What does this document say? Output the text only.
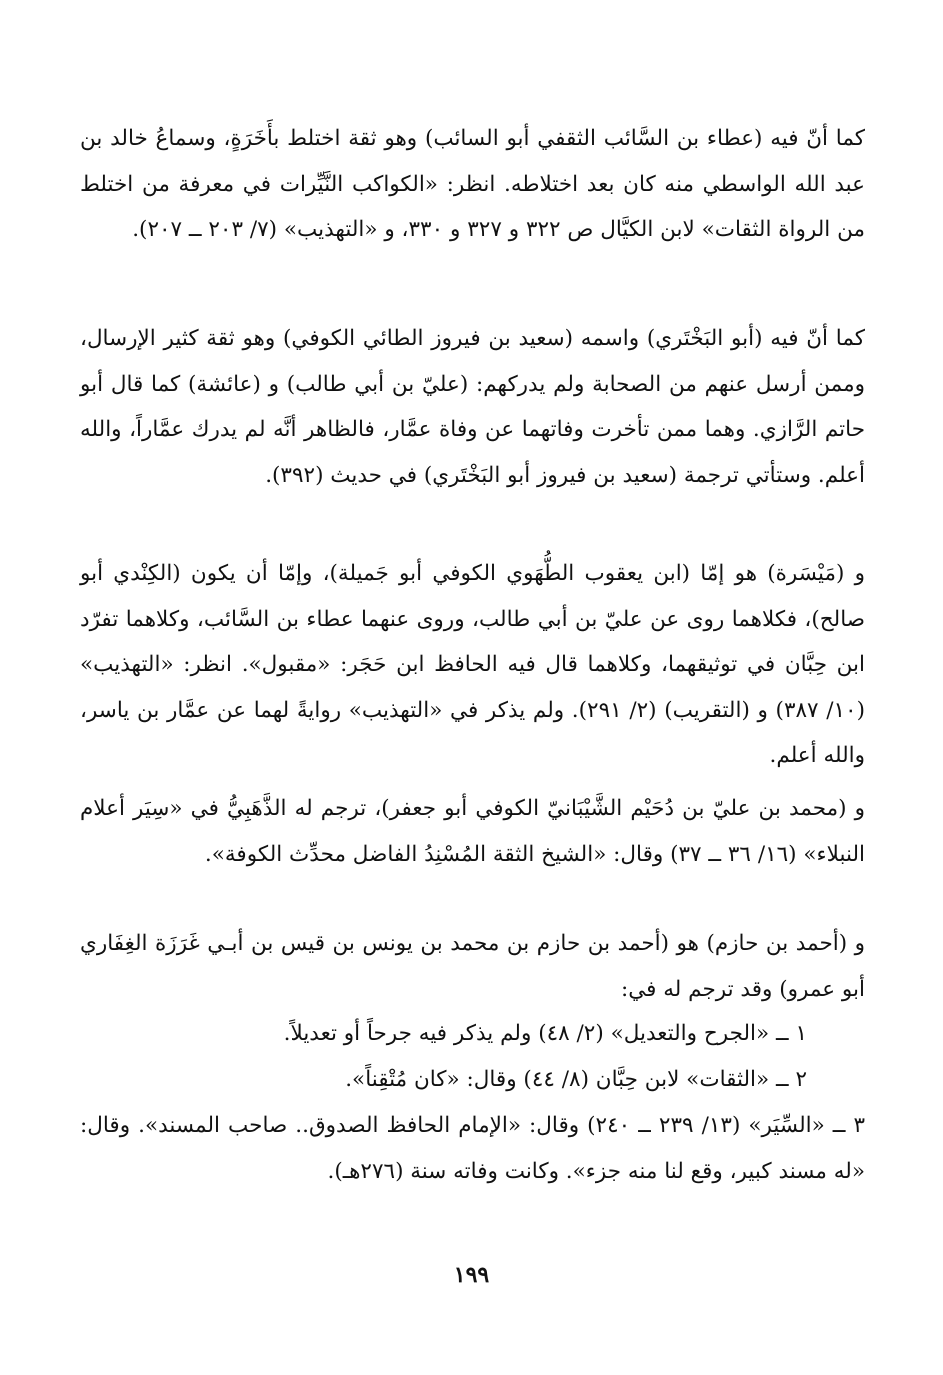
كما أنّ فيه (عطاء بن السَّائب الثقفي أبو السائب) وهو ثقة اختلط بأَخَرَةٍ، وسماعُ خالد بن عبد الله الواسطي منه كان بعد اختلاطه. انظر: «الكواكب النَّيِّرات في معرفة من اختلط من الرواة الثقات» لابن الكيَّال ص ٣٢٢ و ٣٢٧ و ٣٣٠، و «التهذيب» (٧/ ٢٠٣ ــ ٢٠٧).

كما أنّ فيه (أبو البَخْتَري) واسمه (سعيد بن فيروز الطائي الكوفي) وهو ثقة كثير الإرسال، وممن أرسل عنهم من الصحابة ولم يدركهم: (عليّ بن أبي طالب) و (عائشة) كما قال أبو حاتم الرَّازي. وهما ممن تأخرت وفاتهما عن وفاة عمَّار، فالظاهر أنَّه لم يدرك عمَّاراً، والله أعلم. وستأتي ترجمة (سعيد بن فيروز أبو البَخْتَري) في حديث (٣٩٢).

و (مَيْسَرة) هو إمّا (ابن يعقوب الطُّهَوي الكوفي أبو جَميلة)، وإمّا أن يكون (الكِنْدي أبو صالح)، فكلاهما روى عن عليّ بن أبي طالب، وروى عنهما عطاء بن السَّائب، وكلاهما تفرّد ابن حِبَّان في توثيقهما، وكلاهما قال فيه الحافظ ابن حَجَر: «مقبول». انظر: «التهذيب» (١٠/ ٣٨٧) و (التقريب) (٢/ ٢٩١). ولم يذكر في «التهذيب» روايةً لهما عن عمَّار بن ياسر، والله أعلم.

و (محمد بن عليّ بن دُحَيْم الشَّيْبَانيّ الكوفي أبو جعفر)، ترجم له الذَّهَبِيُّ في «سِيَر أعلام النبلاء» (١٦/ ٣٦ ــ ٣٧) وقال: «الشيخ الثقة المُسْنِدُ الفاضل محدِّث الكوفة».

و (أحمد بن حازم) هو (أحمد بن حازم بن محمد بن يونس بن قيس بن أبـي غَرَزَة الغِفَاري أبو عمرو) وقد ترجم له في:

١ ــ «الجرح والتعديل» (٢/ ٤٨) ولم يذكر فيه جرحاً أو تعديلاً.

٢ ــ «الثقات» لابن حِبَّان (٨/ ٤٤) وقال: «كان مُتْقِناً».

٣ ــ «السِّيَر» (١٣/ ٢٣٩ ــ ٢٤٠) وقال: «الإمام الحافظ الصدوق.. صاحب المسند». وقال: «له مسند كبير، وقع لنا منه جزء». وكانت وفاته سنة (٢٧٦هـ).

١٩٩
